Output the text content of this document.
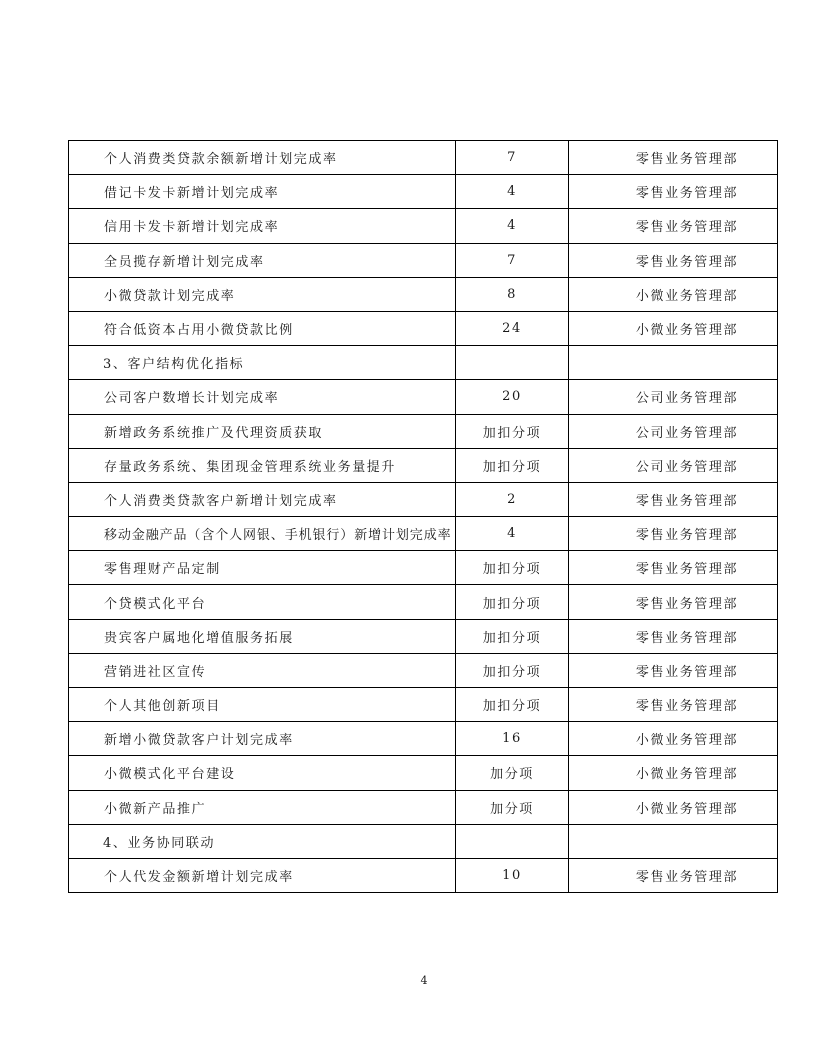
个人消费类贷款余额新增计划完成率	7	零售业务管理部
借记卡发卡新增计划完成率	4	零售业务管理部
信用卡发卡新增计划完成率	4	零售业务管理部
全员揽存新增计划完成率	7	零售业务管理部
小微贷款计划完成率	8	小微业务管理部
符合低资本占用小微贷款比例	24	小微业务管理部
3、客户结构优化指标		
公司客户数增长计划完成率	20	公司业务管理部
新增政务系统推广及代理资质获取	加扣分项	公司业务管理部
存量政务系统、集团现金管理系统业务量提升	加扣分项	公司业务管理部
个人消费类贷款客户新增计划完成率	2	零售业务管理部
移动金融产品（含个人网银、手机银行）新增计划完成率	4	零售业务管理部
零售理财产品定制	加扣分项	零售业务管理部
个贷模式化平台	加扣分项	零售业务管理部
贵宾客户属地化增值服务拓展	加扣分项	零售业务管理部
营销进社区宣传	加扣分项	零售业务管理部
个人其他创新项目	加扣分项	零售业务管理部
新增小微贷款客户计划完成率	16	小微业务管理部
小微模式化平台建设	加分项	小微业务管理部
小微新产品推广	加分项	小微业务管理部
4、业务协同联动		
个人代发金额新增计划完成率	10	零售业务管理部
4
